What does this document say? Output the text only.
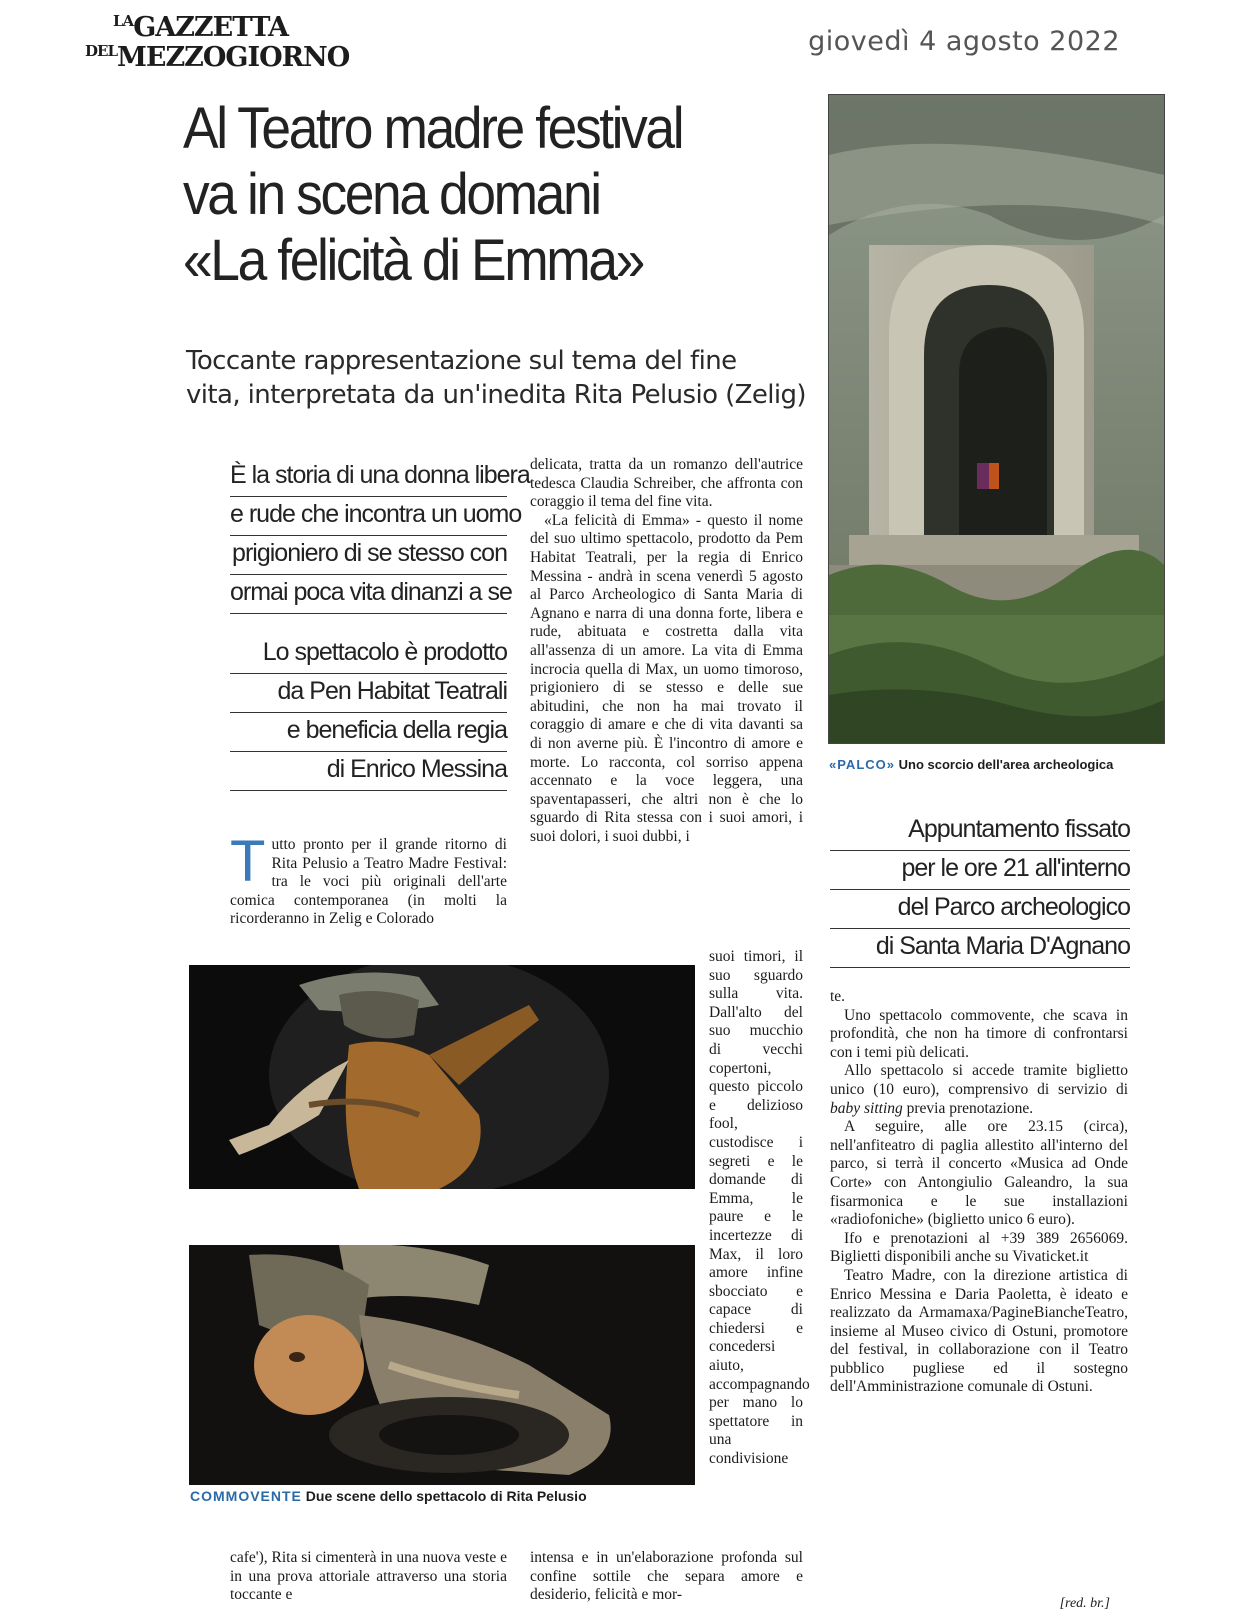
$^{LA}$GAZZETTA
$^{DEL}$MEZZOGIORNO
giovedì 4 agosto 2022
Al Teatro madre festival
va in scena domani
«La felicità di Emma»
Toccante rappresentazione sul tema del fine
vita, interpretata da un'inedita Rita Pelusio (Zelig)
«PALCO» Uno scorcio dell'area archeologica
È la storia di una donna libera
e rude che incontra un uomo
prigioniero di se stesso con
ormai poca vita dinanzi a se
Lo spettacolo è prodotto
da Pen Habitat Teatrali
e beneficia della regia
di Enrico Messina
Appuntamento fissato
per le ore 21 all'interno
del Parco archeologico
di Santa Maria D'Agnano

delicata, tratta da un romanzo dell'autrice tedesca Claudia Schreiber, che affronta con coraggio il tema del fine vita.

«La felicità di Emma» - questo il nome del suo ultimo spettacolo, prodotto da Pem Habitat Teatrali, per la regia di Enrico Messina - andrà in scena venerdì 5 agosto al Parco Archeologico di Santa Maria di Agnano e narra di una donna forte, libera e rude, abituata e costretta dalla vita all'assenza di un amore. La vita di Emma incrocia quella di Max, un uomo timoroso, prigioniero di se stesso e delle sue abitudini, che non ha mai trovato il coraggio di amare e che di vita davanti sa di non averne più. È l'incontro di amore e morte. Lo racconta, col sorriso appena accennato e la voce leggera, una spaventapasseri, che altri non è che lo sguardo di Rita stessa con i suoi amori, i suoi dolori, i suoi dubbi, i

T utto pronto per il grande ritorno di Rita Pelusio a Teatro Madre Festival: tra le voci più originali dell'arte comica contemporanea (in molti la ricorderanno in Zelig e Colorado

suoi timori, il suo sguardo sulla vita. Dall'alto del suo mucchio di vecchi copertoni, questo piccolo e delizioso fool, custodisce i segreti e le domande di Emma, le paure e le incertezze di Max, il loro amore infine sbocciato e capace di chiedersi e concedersi aiuto, accompagnando per mano lo spettatore in una condivisione
COMMOVENTE Due scene dello spettacolo di Rita Pelusio

te.

Uno spettacolo commovente, che scava in profondità, che non ha timore di confrontarsi con i temi più delicati.

Allo spettacolo si accede tramite biglietto unico (10 euro), comprensivo di servizio di baby sitting previa prenotazione.

A seguire, alle ore 23.15 (circa), nell'anfiteatro di paglia allestito all'interno del parco, si terrà il concerto «Musica ad Onde Corte» con Antongiulio Galeandro, la sua fisarmonica e le sue installazioni «radiofoniche» (biglietto unico 6 euro).

Ifo e prenotazioni al +39 389 2656069. Biglietti disponibili anche su Vivaticket.it

Teatro Madre, con la direzione artistica di Enrico Messina e Daria Paoletta, è ideato e realizzato da Armamaxa/PagineBiancheTeatro, insieme al Museo civico di Ostuni, promotore del festival, in collaborazione con il Teatro pubblico pugliese ed il sostegno dell'Amministrazione comunale di Ostuni.

cafe'), Rita si cimenterà in una nuova veste e in una prova attoriale attraverso una storia toccante e
intensa e in un'elaborazione profonda sul confine sottile che separa amore e desiderio, felicità e mor-
[red. br.]
